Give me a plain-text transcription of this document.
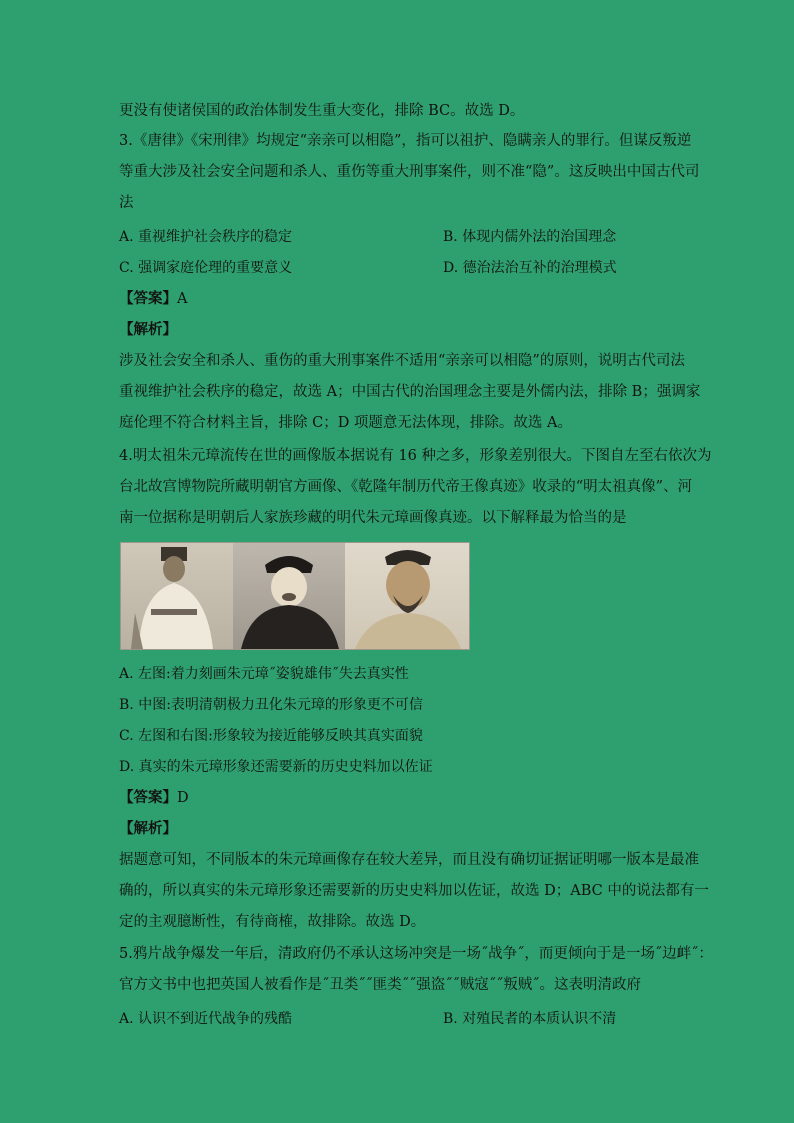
更没有使诸侯国的政治体制发生重大变化，排除 BC。故选 D。
3.《唐律》《宋刑律》均规定“亲亲可以相隐”，指可以祖护、隐瞒亲人的罪行。但谋反叛逆
等重大涉及社会安全问题和杀人、重伤等重大刑事案件，则不准“隐”。这反映出中国古代司
法
A. 重视维护社会秩序的稳定	B. 体现内儒外法的治国理念
C. 强调家庭伦理的重要意义	D. 德治法治互补的治理模式
【答案】A
【解析】
涉及社会安全和杀人、重伤的重大刑事案件不适用“亲亲可以相隐”的原则，说明古代司法
重视维护社会秩序的稳定，故选 A；中国古代的治国理念主要是外儒内法，排除 B；强调家
庭伦理不符合材料主旨，排除 C；D 项题意无法体现，排除。故选 A。
4.明太祖朱元璋流传在世的画像版本据说有 16 种之多，形象差别很大。下图自左至右依次为
台北故宫博物院所藏明朝官方画像、《乾隆年制历代帝王像真迹》收录的“明太祖真像”、河
南一位据称是明朝后人家族珍藏的明代朱元璋画像真迹。以下解释最为恰当的是
A. 左图:着力刻画朱元璋˝姿貌雄伟˝失去真实性
B. 中图:表明清朝极力丑化朱元璋的形象更不可信
C. 左图和右图:形象较为接近能够反映其真实面貌
D. 真实的朱元璋形象还需要新的历史史料加以佐证
【答案】D
【解析】
据题意可知，不同版本的朱元璋画像存在较大差异，而且没有确切证据证明哪一版本是最准
确的，所以真实的朱元璋形象还需要新的历史史料加以佐证，故选 D；ABC 中的说法都有一
定的主观臆断性，有待商榷，故排除。故选 D。
5.鸦片战争爆发一年后，清政府仍不承认这场冲突是一场˝战争˝，而更倾向于是一场˝边衅˝：
官方文书中也把英国人被看作是˝丑类˝˝匪类˝˝强盗˝˝贼寇˝˝叛贼˝。这表明清政府
A. 认识不到近代战争的残酷	B. 对殖民者的本质认识不清
